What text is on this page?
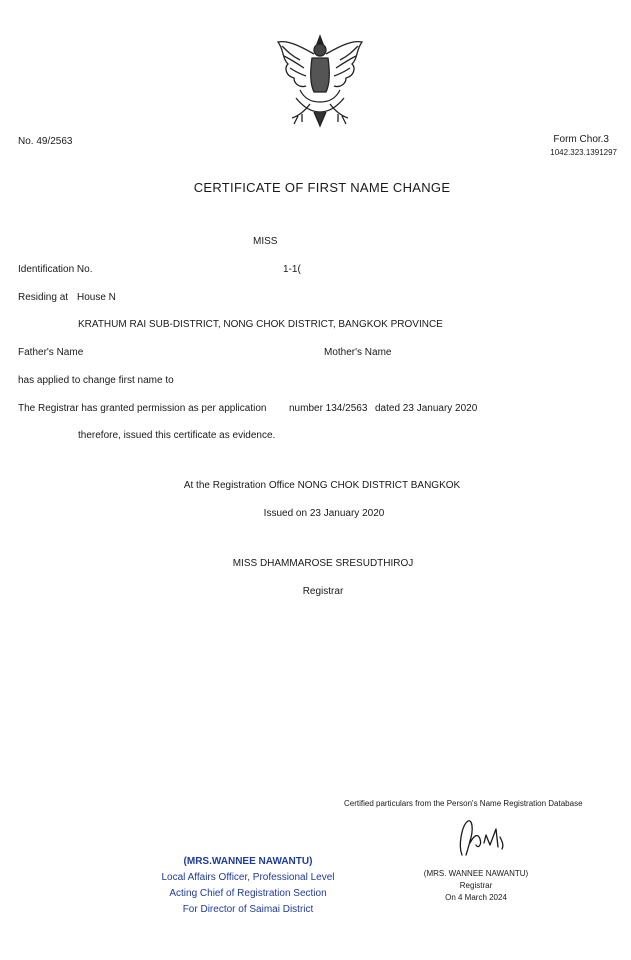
No. 49/2563	Form Chor.3
1042.323.1391297
CERTIFICATE OF FIRST NAME CHANGE
MISS
Identification No.	1-1(
Residing at House N
KRATHUM RAI SUB-DISTRICT, NONG CHOK DISTRICT, BANGKOK PROVINCE
Father's Name	Mother's Name
has applied to change first name to
The Registrar has granted permission as per application number 134/2563 dated 23 January 2020
therefore, issued this certificate as evidence.
At the Registration Office NONG CHOK DISTRICT BANGKOK
Issued on 23 January 2020
MISS DHAMMAROSE SRESUDTHIROJ
Registrar
Certified particulars from the Person's Name Registration Database
(MRS. WANNEE NAWANTU)
Registrar
On 4 March 2024
(MRS.WANNEE NAWANTU)
Local Affairs Officer, Professional Level
Acting Chief of Registration Section
For Director of Saimai District
